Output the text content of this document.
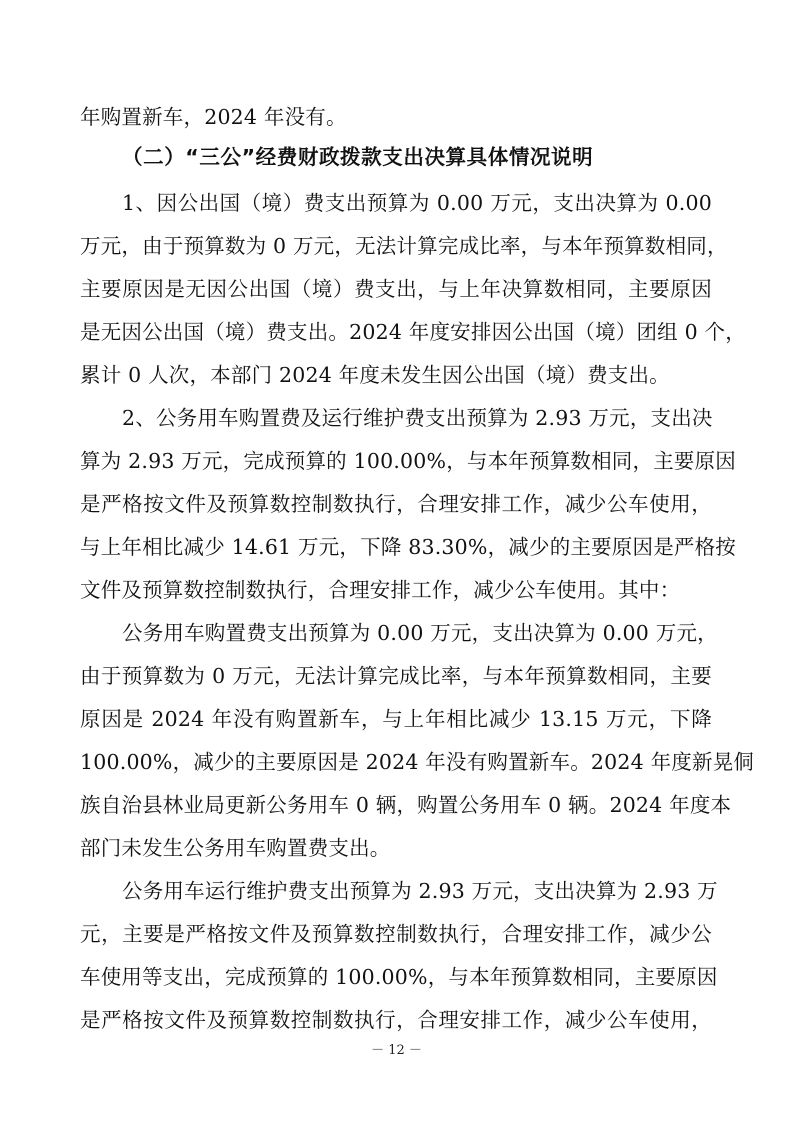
年购置新车，2024 年没有。
（二）“三公”经费财政拨款支出决算具体情况说明
1、因公出国（境）费支出预算为 0.00 万元，支出决算为 0.00
万元，由于预算数为 0 万元，无法计算完成比率，与本年预算数相同，
主要原因是无因公出国（境）费支出，与上年决算数相同，主要原因
是无因公出国（境）费支出。2024 年度安排因公出国（境）团组 0 个，
累计 0 人次，本部门 2024 年度未发生因公出国（境）费支出。
2、公务用车购置费及运行维护费支出预算为 2.93 万元，支出决
算为 2.93 万元，完成预算的 100.00%，与本年预算数相同，主要原因
是严格按文件及预算数控制数执行，合理安排工作，减少公车使用，
与上年相比减少 14.61 万元，下降 83.30%，减少的主要原因是严格按
文件及预算数控制数执行，合理安排工作，减少公车使用。其中：
公务用车购置费支出预算为 0.00 万元，支出决算为 0.00 万元，
由于预算数为 0 万元，无法计算完成比率，与本年预算数相同，主要
原因是 2024 年没有购置新车，与上年相比减少 13.15 万元，下降
100.00%，减少的主要原因是 2024 年没有购置新车。2024 年度新晃侗
族自治县林业局更新公务用车 0 辆，购置公务用车 0 辆。2024 年度本
部门未发生公务用车购置费支出。
公务用车运行维护费支出预算为 2.93 万元，支出决算为 2.93 万
元，主要是严格按文件及预算数控制数执行，合理安排工作，减少公
车使用等支出，完成预算的 100.00%，与本年预算数相同，主要原因
是严格按文件及预算数控制数执行，合理安排工作，减少公车使用，
－ 12 －
